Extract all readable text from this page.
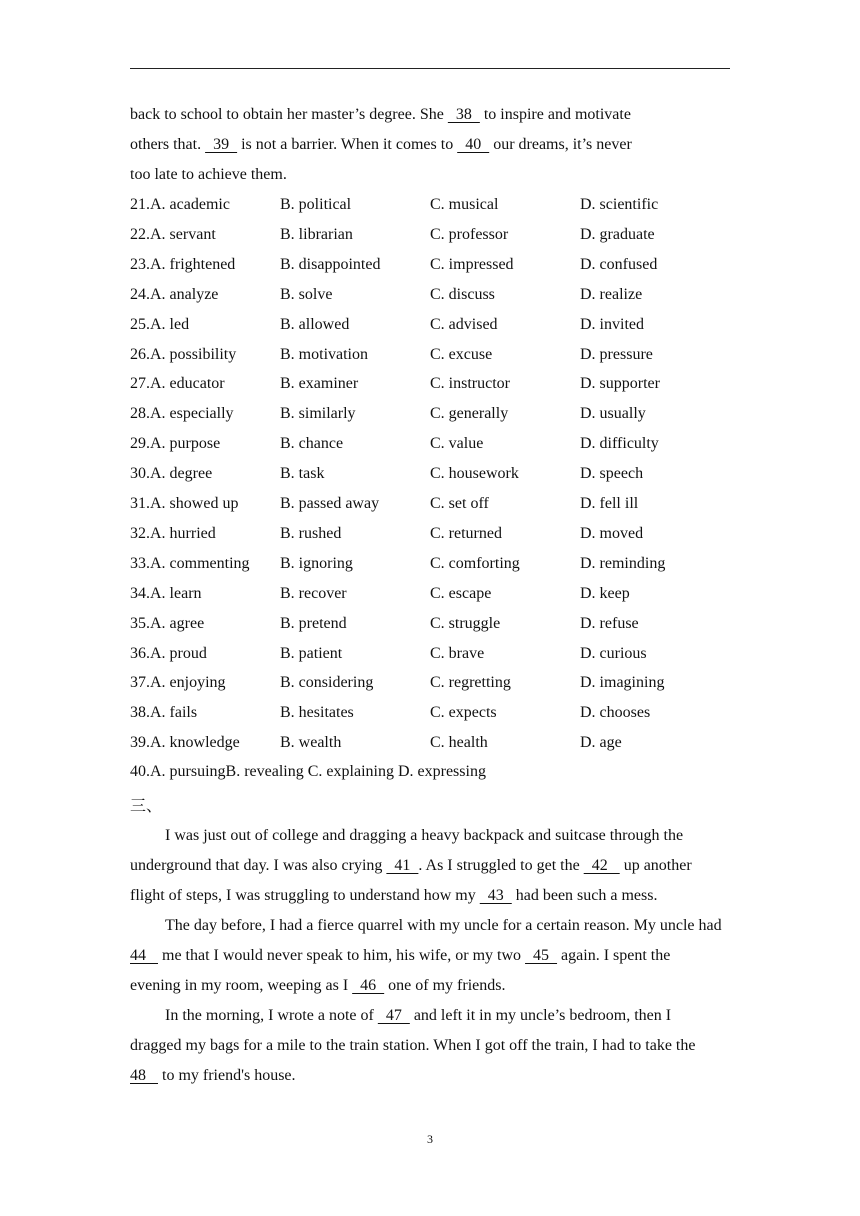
back to school to obtain her master’s degree. She   38   to inspire and motivate
others that.   39   is not a barrier. When it comes to   40   our dreams, it’s never
too late to achieve them.
21.A. academic	B. political	C. musical	D. scientific
22.A. servant	B. librarian	C. professor	D. graduate
23.A. frightened	B. disappointed	C. impressed	D. confused
24.A. analyze	B. solve	C. discuss	D. realize
25.A. led	B. allowed	C. advised	D. invited
26.A. possibility	B. motivation	C. excuse	D. pressure
27.A. educator	B. examiner	C. instructor	D. supporter
28.A. especially	B. similarly	C. generally	D. usually
29.A. purpose	B. chance	C. value	D. difficulty
30.A. degree	B. task	C. housework	D. speech
31.A. showed up	B. passed away	C. set off	D. fell ill
32.A. hurried	B. rushed	C. returned	D. moved
33.A. commenting B. ignoring	C. comforting	D. reminding
34.A. learn	B. recover	C. escape	D. keep
35.A. agree	B. pretend	C. struggle	D. refuse
36.A. proud	B. patient	C. brave	D. curious
37.A. enjoying	B. considering	C. regretting	D. imagining
38.A. fails	B. hesitates	C. expects	D. chooses
39.A. knowledge	B. wealth	C. health	D. age
40.A. pursuingB. revealing C. explaining D. expressing
三、
I was just out of college and dragging a heavy backpack and suitcase through the
underground that day. I was also crying   41  . As I struggled to get the   42    up another
flight of steps, I was struggling to understand how my   43   had been such a mess.
The day before, I had a fierce quarrel with my uncle for a certain reason. My uncle had
44    me that I would never speak to him, his wife, or my two   45   again. I spent the
evening in my room, weeping as I   46   one of my friends.
In the morning, I wrote a note of   47   and left it in my uncle’s bedroom, then I
dragged my bags for a mile to the train station. When I got off the train, I had to take the
48    to my friend's house.
3
